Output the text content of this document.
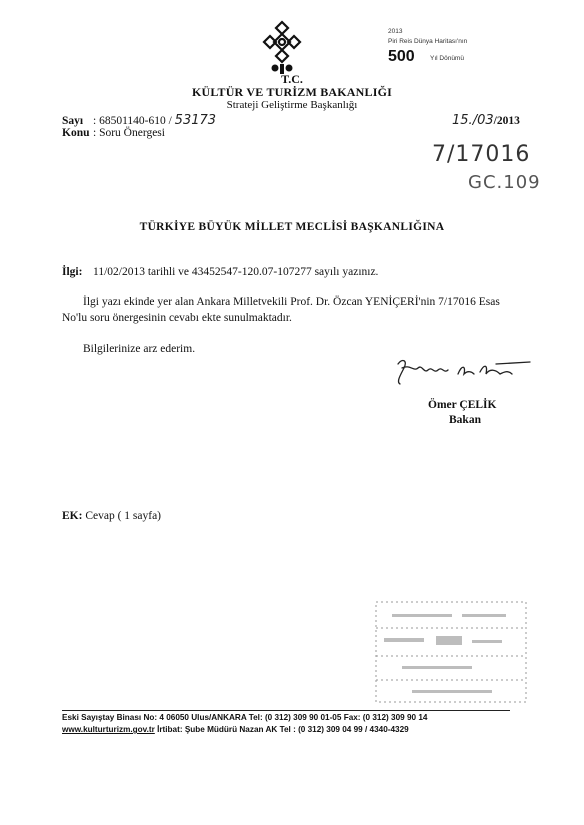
T.C.
KÜLTÜR VE TURİZM BAKANLIĞI
Strateji Geliştirme Başkanlığı
2013
Piri Reis Dünya Haritası'nın
500 Yıl Dönümü
Sayı : 68501140-610 / 53173
Konu : Soru Önergesi
15./03/2013
7/17016
GC.109
TÜRKİYE BÜYÜK MİLLET MECLİSİ BAŞKANLIĞINA
İlgi: 11/02/2013 tarihli ve 43452547-120.07-107277 sayılı yazınız.
İlgi yazı ekinde yer alan Ankara Milletvekili Prof. Dr. Özcan YENİÇERİ'nin 7/17016 Esas No'lu soru önergesinin cevabı ekte sunulmaktadır.
Bilgilerinize arz ederim.
Ömer ÇELİK
Bakan
EK: Cevap ( 1 sayfa)
Eski Sayıştay Binası No: 4 06050 Ulus/ANKARA Tel: (0 312) 309 90 01-05 Fax: (0 312) 309 90 14
www.kulturturizm.gov.tr İrtibat: Şube Müdürü Nazan AK Tel : (0 312) 309 04 99 / 4340-4329
